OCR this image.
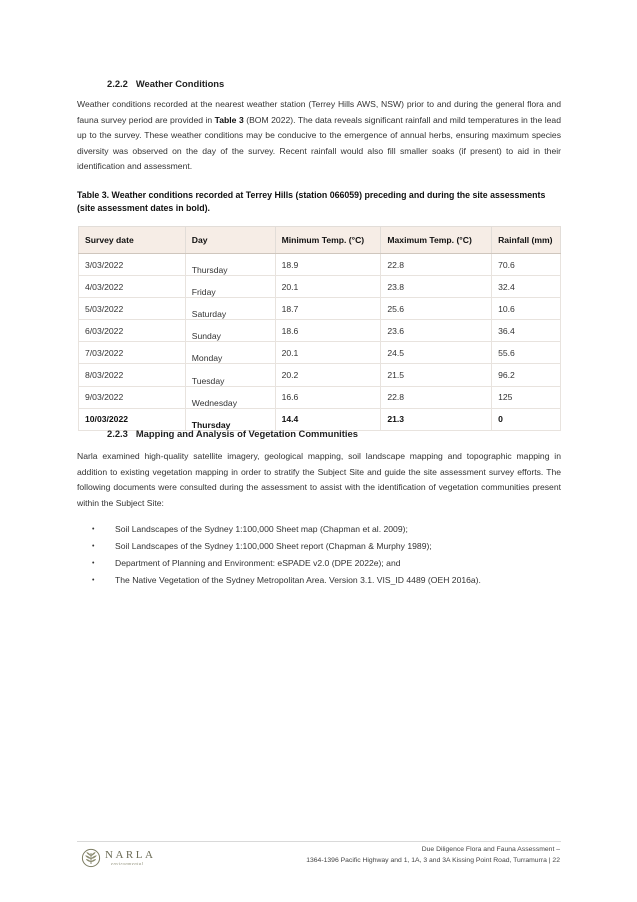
2.2.2 Weather Conditions

Weather conditions recorded at the nearest weather station (Terrey Hills AWS, NSW) prior to and during the general flora and fauna survey period are provided in Table 3 (BOM 2022). The data reveals significant rainfall and mild temperatures in the lead up to the survey. These weather conditions may be conducive to the emergence of annual herbs, ensuring maximum species diversity was observed on the day of the survey. Recent rainfall would also fill smaller soaks (if present) to aid in their identification and assessment.

Table 3. Weather conditions recorded at Terrey Hills (station 066059) preceding and during the site assessments (site assessment dates in bold).
Survey date	Day	Minimum Temp. (°C)	Maximum Temp. (°C)	Rainfall (mm)
3/03/2022	Thursday	18.9	22.8	70.6
4/03/2022	Friday	20.1	23.8	32.4
5/03/2022	Saturday	18.7	25.6	10.6
6/03/2022	Sunday	18.6	23.6	36.4
7/03/2022	Monday	20.1	24.5	55.6
8/03/2022	Tuesday	20.2	21.5	96.2
9/03/2022	Wednesday	16.6	22.8	125
10/03/2022	Thursday	14.4	21.3	0
2.2.3 Mapping and Analysis of Vegetation Communities

Narla examined high-quality satellite imagery, geological mapping, soil landscape mapping and topographic mapping in addition to existing vegetation mapping in order to stratify the Subject Site and guide the site assessment survey efforts. The following documents were consulted during the assessment to assist with the identification of vegetation communities present within the Subject Site:

• Soil Landscapes of the Sydney 1:100,000 Sheet map (Chapman et al. 2009);
• Soil Landscapes of the Sydney 1:100,000 Sheet report (Chapman & Murphy 1989);
• Department of Planning and Environment: eSPADE v2.0 (DPE 2022e); and
• The Native Vegetation of the Sydney Metropolitan Area. Version 3.1. VIS_ID 4489 (OEH 2016a).
NARLA
environmental
Due Diligence Flora and Fauna Assessment –
1364-1396 Pacific Highway and 1, 1A, 3 and 3A Kissing Point Road, Turramurra | 22
